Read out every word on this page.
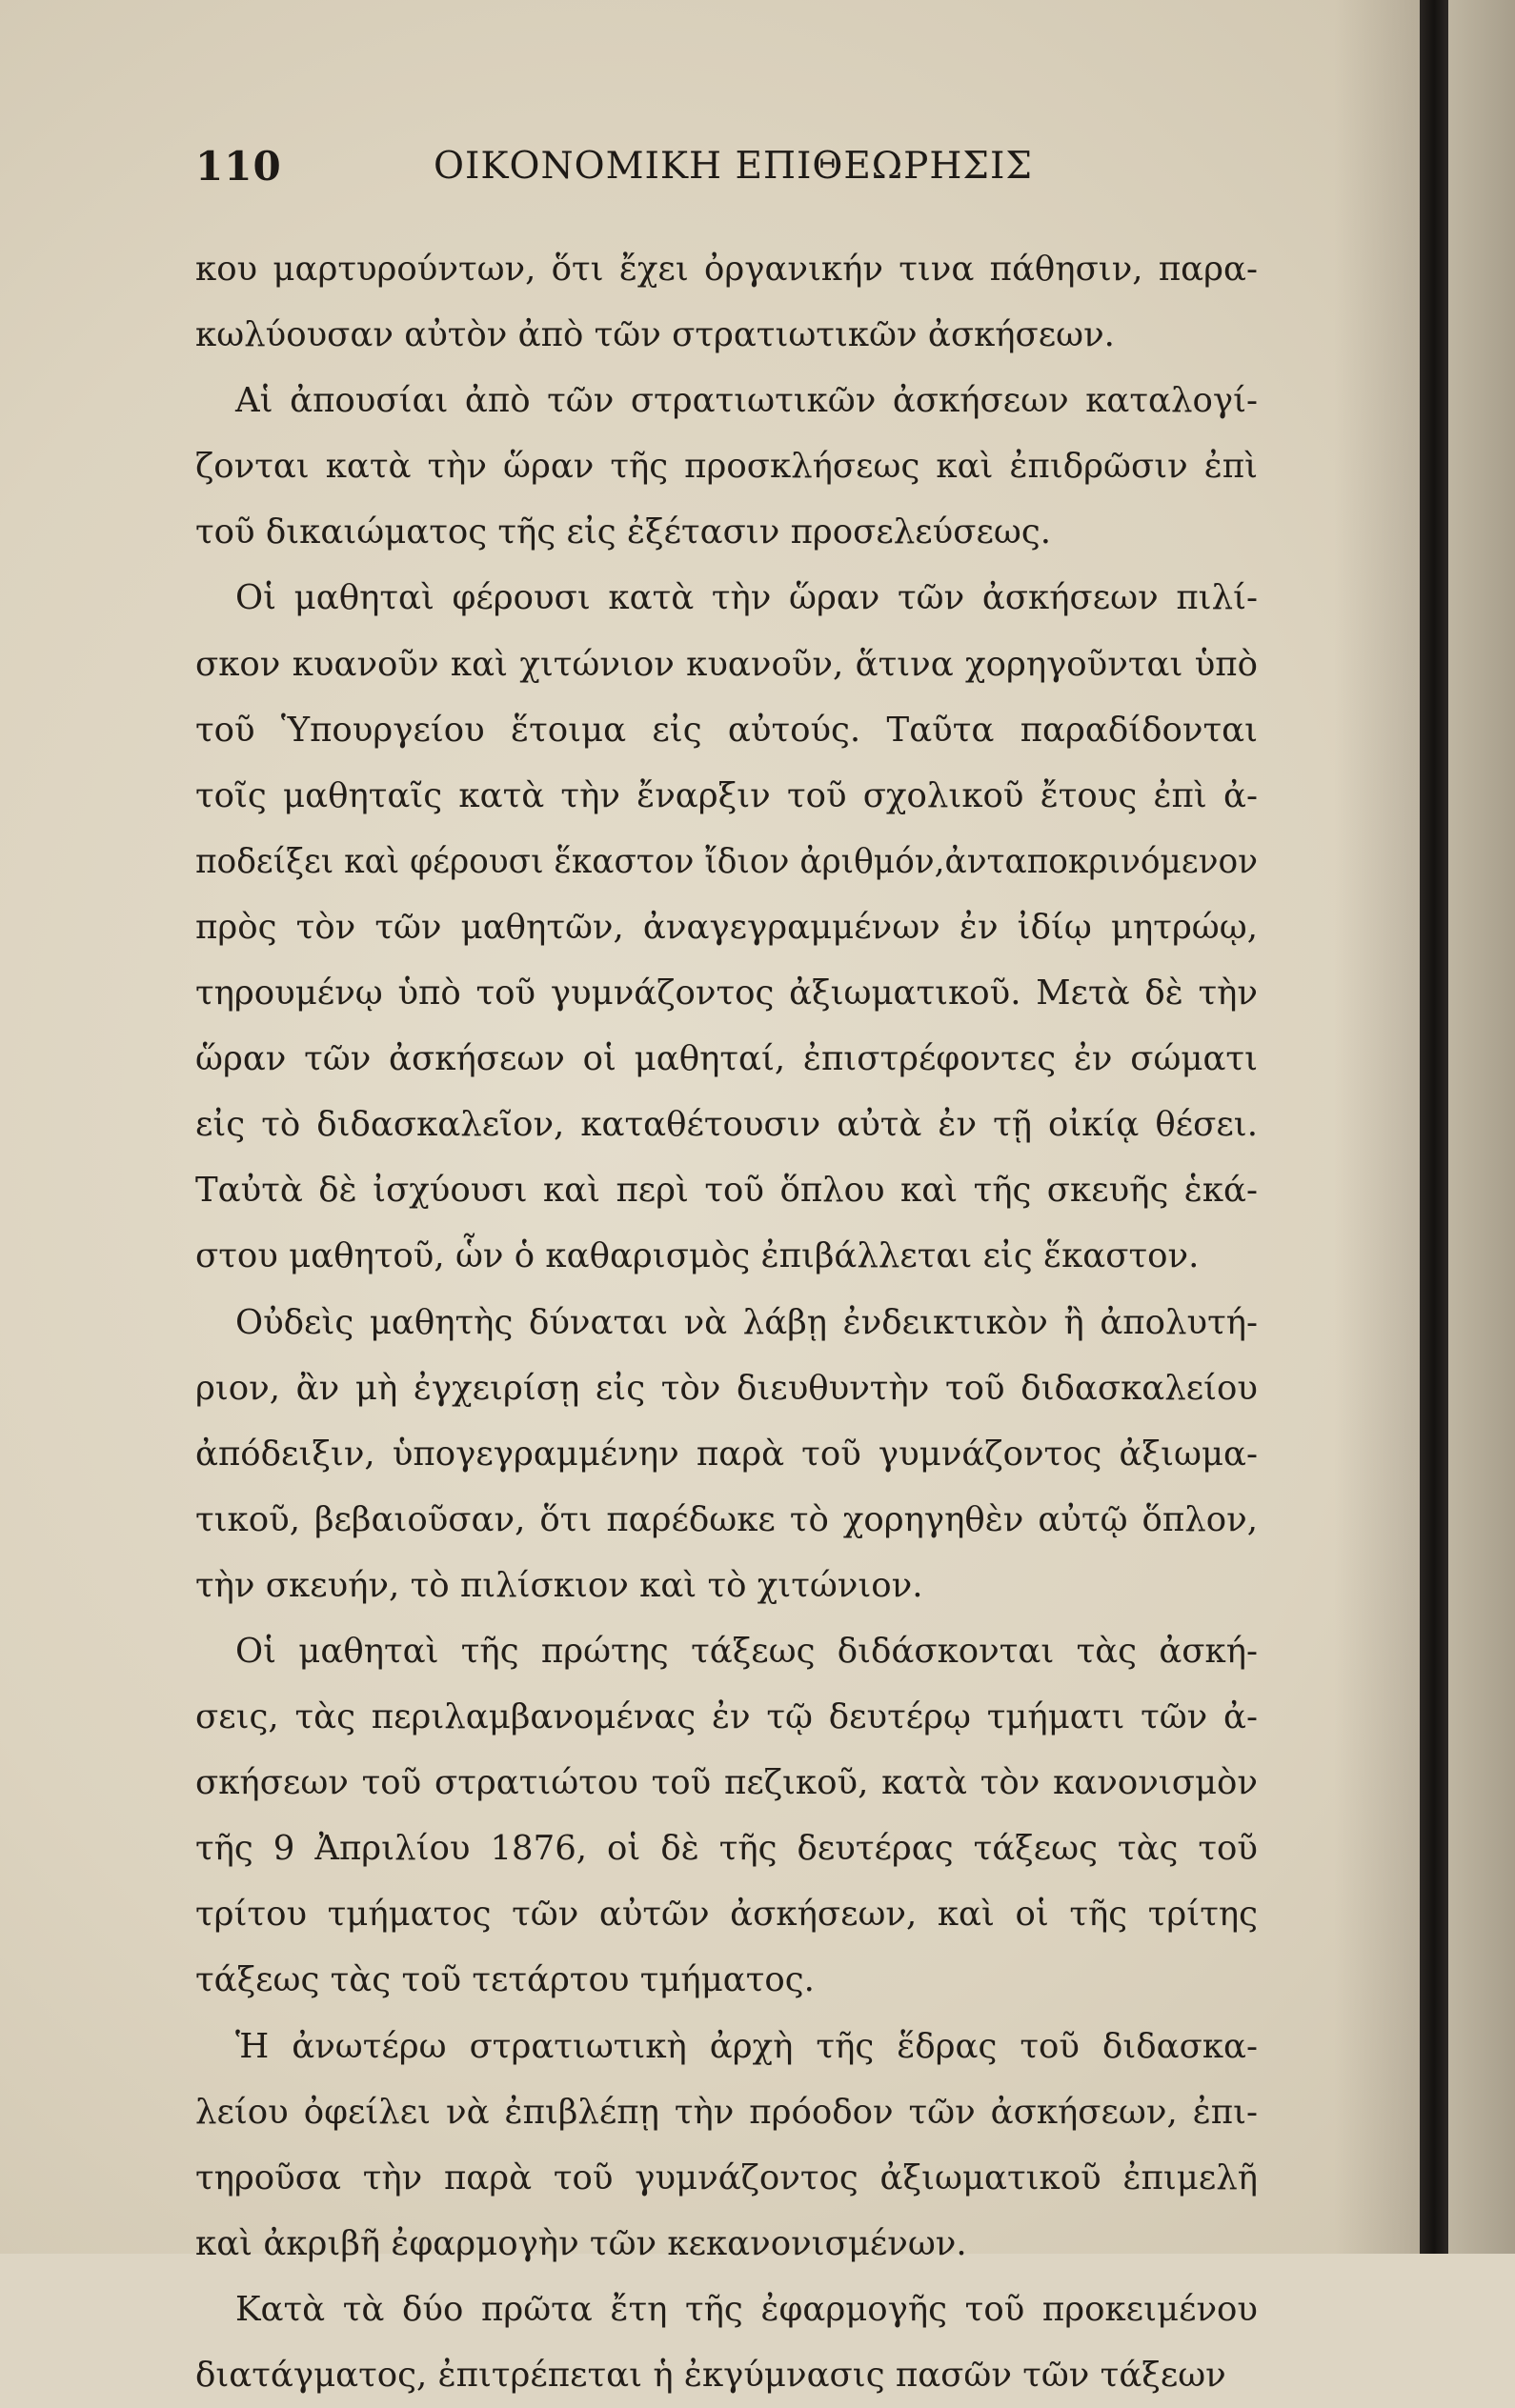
110	ΟΙΚΟΝΟΜΙΚΗ ΕΠΙΘΕΩΡΗΣΙΣ
κου μαρτυρούντων, ὅτι ἔχει ὀργανικήν τινα πάθησιν, παρα-
κωλύουσαν αὐτὸν ἀπὸ τῶν στρατιωτικῶν ἀσκήσεων.
Αἱ ἀπουσίαι ἀπὸ τῶν στρατιωτικῶν ἀσκήσεων καταλογί-
ζονται κατὰ τὴν ὥραν τῆς προσκλήσεως καὶ ἐπιδρῶσιν ἐπὶ
τοῦ δικαιώματος τῆς εἰς ἐξέτασιν προσελεύσεως.
Οἱ μαθηταὶ φέρουσι κατὰ τὴν ὥραν τῶν ἀσκήσεων πιλί-
σκον κυανοῦν καὶ χιτώνιον κυανοῦν, ἅτινα χορηγοῦνται ὑπὸ
τοῦ Ὑπουργείου ἕτοιμα εἰς αὐτούς. Ταῦτα παραδίδονται
τοῖς μαθηταῖς κατὰ τὴν ἔναρξιν τοῦ σχολικοῦ ἔτους ἐπὶ ἀ-
ποδείξει καὶ φέρουσι ἕκαστον ἴδιον ἀριθμόν,ἀνταποκρινόμενον
πρὸς τὸν τῶν μαθητῶν, ἀναγεγραμμένων ἐν ἰδίῳ μητρώῳ,
τηρουμένῳ ὑπὸ τοῦ γυμνάζοντος ἀξιωματικοῦ. Μετὰ δὲ τὴν
ὥραν τῶν ἀσκήσεων οἱ μαθηταί, ἐπιστρέφοντες ἐν σώματι
εἰς τὸ διδασκαλεῖον, καταθέτουσιν αὐτὰ ἐν τῇ οἰκίᾳ θέσει.
Ταὐτὰ δὲ ἰσχύουσι καὶ περὶ τοῦ ὅπλου καὶ τῆς σκευῆς ἑκά-
στου μαθητοῦ, ὧν ὁ καθαρισμὸς ἐπιβάλλεται εἰς ἕκαστον.
Οὐδεὶς μαθητὴς δύναται νὰ λάβῃ ἐνδεικτικὸν ἢ ἀπολυτή-
ριον, ἂν μὴ ἐγχειρίσῃ εἰς τὸν διευθυντὴν τοῦ διδασκαλείου
ἀπόδειξιν, ὑπογεγραμμένην παρὰ τοῦ γυμνάζοντος ἀξιωμα-
τικοῦ, βεβαιοῦσαν, ὅτι παρέδωκε τὸ χορηγηθὲν αὐτῷ ὅπλον,
τὴν σκευήν, τὸ πιλίσκιον καὶ τὸ χιτώνιον.
Οἱ μαθηταὶ τῆς πρώτης τάξεως διδάσκονται τὰς ἀσκή-
σεις, τὰς περιλαμβανομένας ἐν τῷ δευτέρῳ τμήματι τῶν ἀ-
σκήσεων τοῦ στρατιώτου τοῦ πεζικοῦ, κατὰ τὸν κανονισμὸν
τῆς 9 Ἀπριλίου 1876, οἱ δὲ τῆς δευτέρας τάξεως τὰς τοῦ
τρίτου τμήματος τῶν αὐτῶν ἀσκήσεων, καὶ οἱ τῆς τρίτης
τάξεως τὰς τοῦ τετάρτου τμήματος.
Ἡ ἀνωτέρω στρατιωτικὴ ἀρχὴ τῆς ἕδρας τοῦ διδασκα-
λείου ὀφείλει νὰ ἐπιβλέπῃ τὴν πρόοδον τῶν ἀσκήσεων, ἐπι-
τηροῦσα τὴν παρὰ τοῦ γυμνάζοντος ἀξιωματικοῦ ἐπιμελῆ
καὶ ἀκριβῆ ἐφαρμογὴν τῶν κεκανονισμένων.
Κατὰ τὰ δύο πρῶτα ἔτη τῆς ἐφαρμογῆς τοῦ προκειμένου
διατάγματος, ἐπιτρέπεται ἡ ἐκγύμνασις πασῶν τῶν τάξεων
